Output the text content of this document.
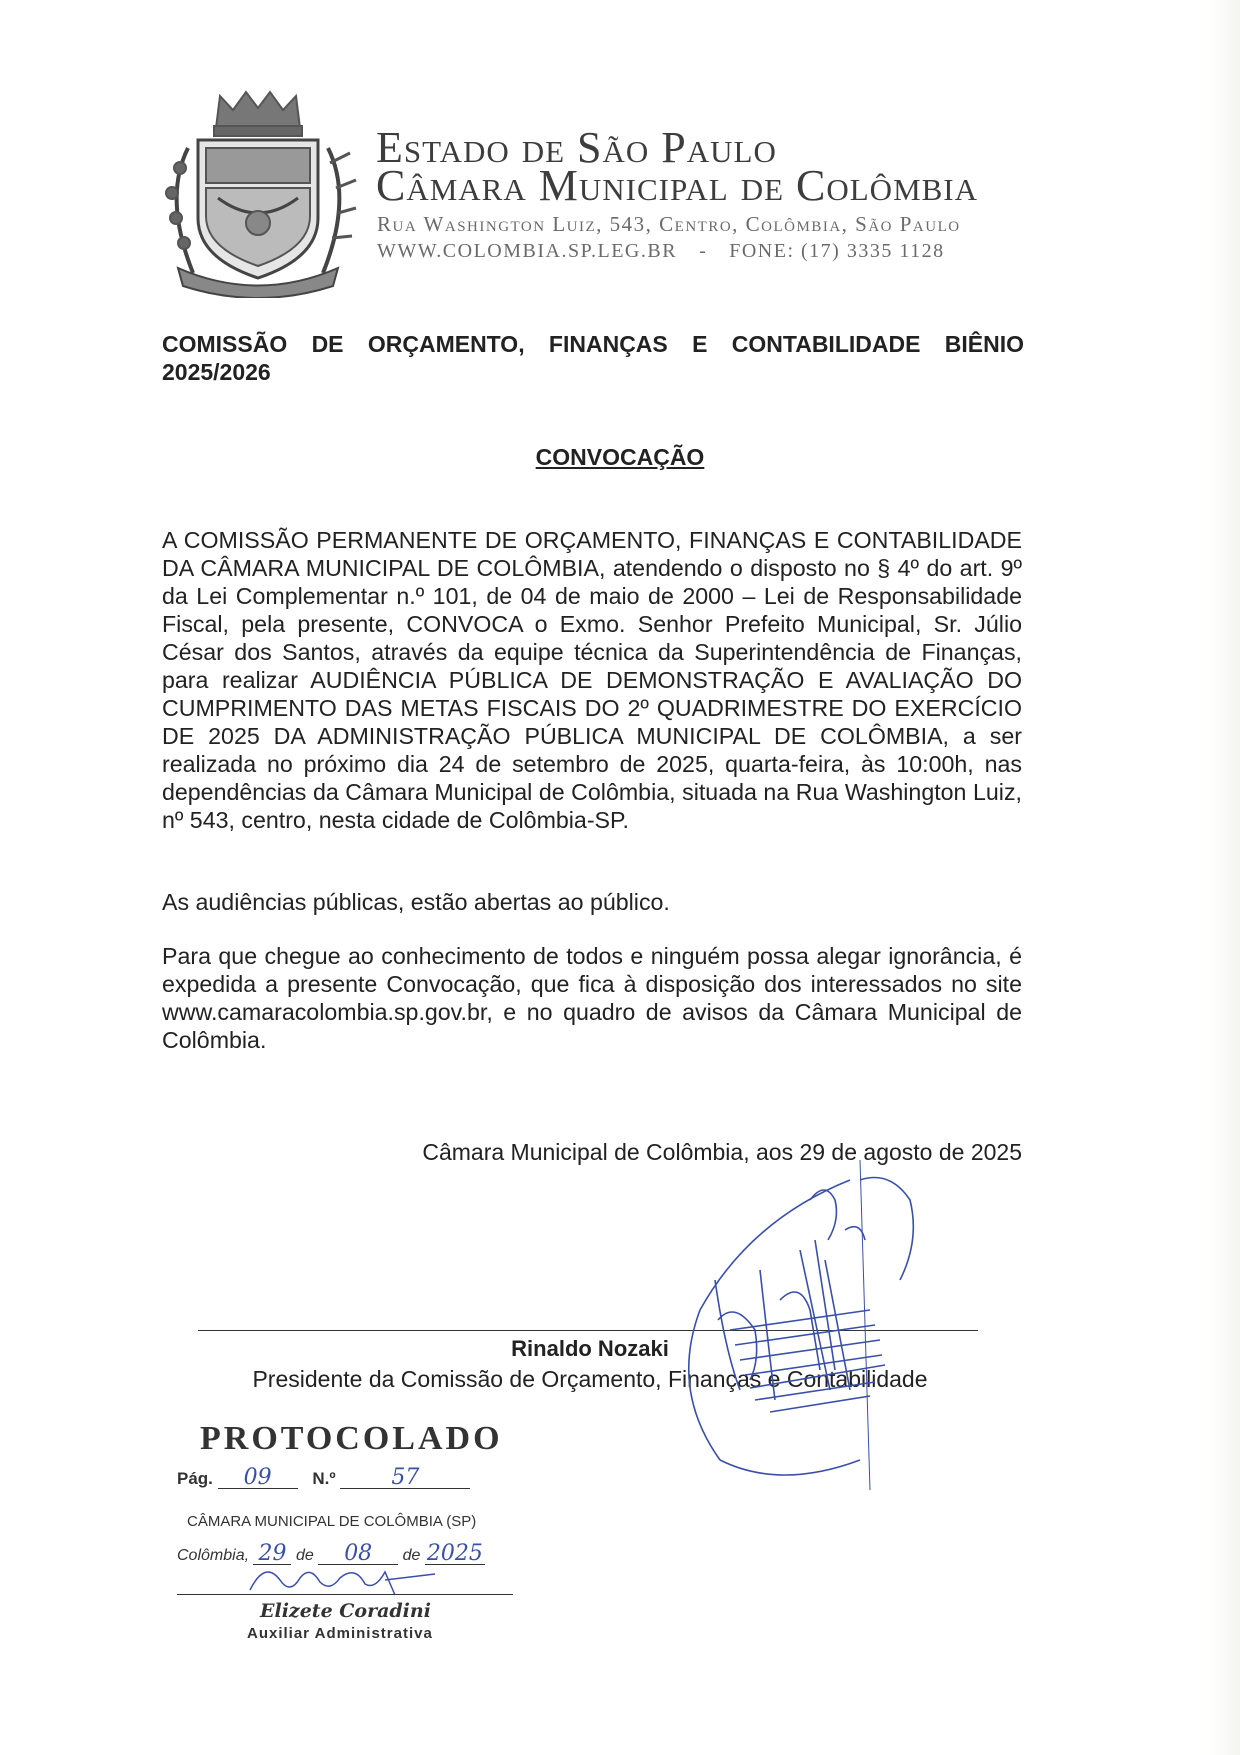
Estado de São Paulo
Câmara Municipal de Colômbia
Rua Washington Luiz, 543, Centro, Colômbia, São Paulo
WWW.COLOMBIA.SP.LEG.BR - FONE: (17) 3335 1128
COMISSÃO DE ORÇAMENTO, FINANÇAS E CONTABILIDADE BIÊNIO
2025/2026
CONVOCAÇÃO
A COMISSÃO PERMANENTE DE ORÇAMENTO, FINANÇAS E CONTABILIDADE DA CÂMARA MUNICIPAL DE COLÔMBIA, atendendo o disposto no § 4º do art. 9º da Lei Complementar n.º 101, de 04 de maio de 2000 – Lei de Responsabilidade Fiscal, pela presente, CONVOCA o Exmo. Senhor Prefeito Municipal, Sr. Júlio César dos Santos, através da equipe técnica da Superintendência de Finanças, para realizar AUDIÊNCIA PÚBLICA DE DEMONSTRAÇÃO E AVALIAÇÃO DO CUMPRIMENTO DAS METAS FISCAIS DO 2º QUADRIMESTRE DO EXERCÍCIO DE 2025 DA ADMINISTRAÇÃO PÚBLICA MUNICIPAL DE COLÔMBIA, a ser realizada no próximo dia 24 de setembro de 2025, quarta-feira, às 10:00h, nas dependências da Câmara Municipal de Colômbia, situada na Rua Washington Luiz, nº 543, centro, nesta cidade de Colômbia-SP.
As audiências públicas, estão abertas ao público.
Para que chegue ao conhecimento de todos e ninguém possa alegar ignorância, é expedida a presente Convocação, que fica à disposição dos interessados no site www.camaracolombia.sp.gov.br, e no quadro de avisos da Câmara Municipal de Colômbia.
Câmara Municipal de Colômbia, aos 29 de agosto de 2025
Rinaldo Nozaki
Presidente da Comissão de Orçamento, Finanças e Contabilidade
PROTOCOLADO
Pág. 09 N.º	57
CÂMARA MUNICIPAL DE COLÔMBIA (SP)
Colômbia, 29 de 08 de 2025
Elizete Coradini
Auxiliar Administrativa
